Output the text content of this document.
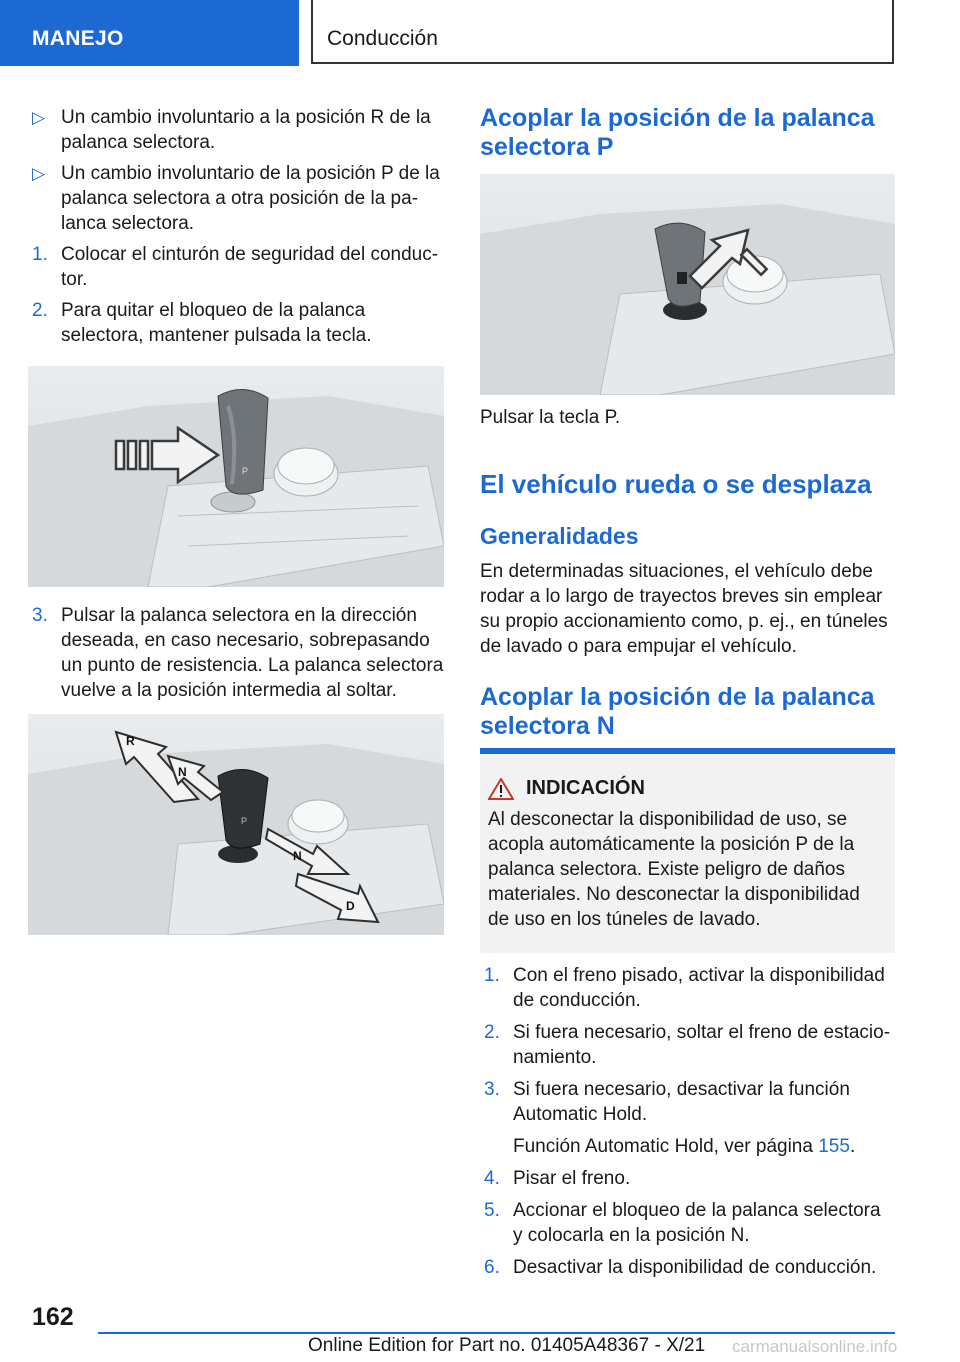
MANEJO	Conducción
▷ Un cambio involuntario a la posición R de la palanca selectora.
▷ Un cambio involuntario de la posición P de la palanca selectora a otra posición de la palanca selectora.
1. Colocar el cinturón de seguridad del conductor.
2. Para quitar el bloqueo de la palanca selectora, mantener pulsada la tecla.
P
3. Pulsar la palanca selectora en la dirección deseada, en caso necesario, sobrepasando un punto de resistencia. La palanca selectora vuelve a la posición intermedia al soltar.
P
R
N
N
D
Acoplar la posición de la palanca selectora P
Pulsar la tecla P.
El vehículo rueda o se desplaza
Generalidades

En determinadas situaciones, el vehículo debe rodar a lo largo de trayectos breves sin emplear su propio accionamiento como, p. ej., en túneles de lavado o para empujar el vehículo.

Acoplar la posición de la palanca selectora N
INDICACIÓN

Al desconectar la disponibilidad de uso, se acopla automáticamente la posición P de la palanca selectora. Existe peligro de daños materiales. No desconectar la disponibilidad de uso en los túneles de lavado.

1. Con el freno pisado, activar la disponibilidad de conducción.
2. Si fuera necesario, soltar el freno de estacionamiento.
3. Si fuera necesario, desactivar la función Automatic Hold.
Función Automatic Hold, ver página 155.
4. Pisar el freno.
5. Accionar el bloqueo de la palanca selectora y colocarla en la posición N.
6. Desactivar la disponibilidad de conducción.
162
Online Edition for Part no. 01405A48367 - X/21 carmanualsonline.info
